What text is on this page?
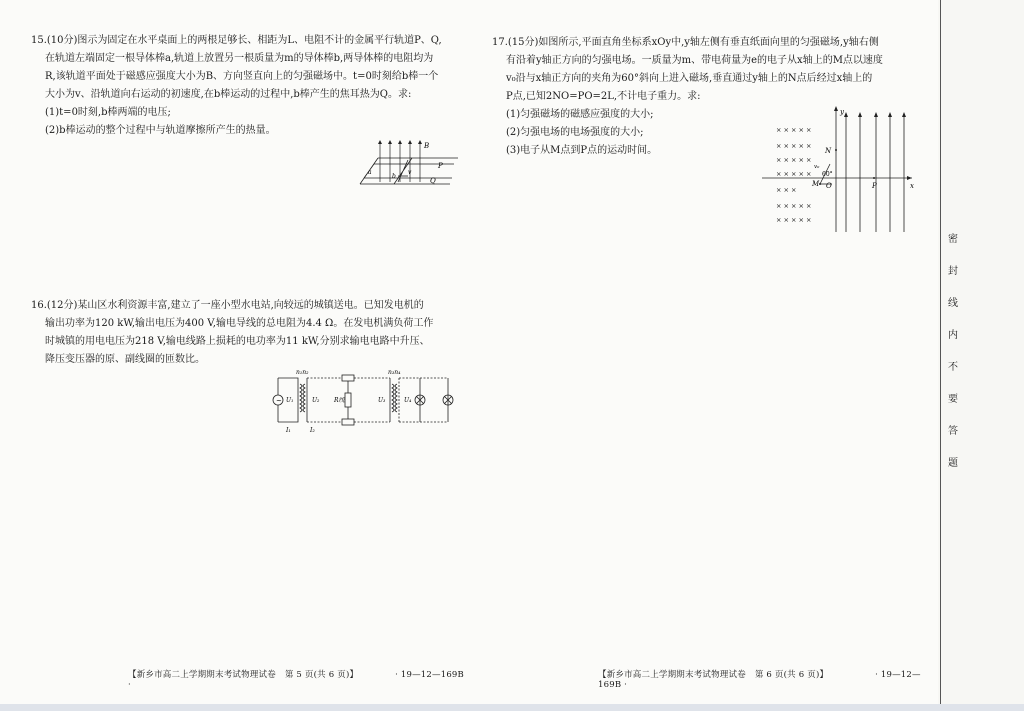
15.(10分)图示为固定在水平桌面上的两根足够长、相距为L、电阻不计的金属平行轨道P、Q,

在轨道左端固定一根导体棒a,轨道上放置另一根质量为m的导体棒b,两导体棒的电阻均为

R,该轨道平面处于磁感应强度大小为B、方向竖直向上的匀强磁场中。t=0时刻给b棒一个

大小为v、沿轨道向右运动的初速度,在b棒运动的过程中,b棒产生的焦耳热为Q。求:

(1)t=0时刻,b棒两端的电压;

(2)b棒运动的整个过程中与轨道摩擦所产生的热量。

B
P
Q
a
b
v

16.(12分)某山区水利资源丰富,建立了一座小型水电站,向较远的城镇送电。已知发电机的

输出功率为120 kW,输出电压为400 V,输电导线的总电阻为4.4 Ω。在发电机满负荷工作

时城镇的用电电压为218 V,输电线路上损耗的电功率为11 kW,分别求输电电路中升压、

降压变压器的原、副线圈的匝数比。

~
n₁n₂	n₃n₄
U₁	U₂ R线	U₃	U₄
I₁	I₂
【新乡市高二上学期期末考试物理试卷 第 5 页(共 6 页)】	· 19—12—169B ·

17.(15分)如图所示,平面直角坐标系xOy中,y轴左侧有垂直纸面向里的匀强磁场,y轴右侧

有沿着y轴正方向的匀强电场。一质量为m、带电荷量为e的电子从x轴上的M点以速度

v₀沿与x轴正方向的夹角为60°斜向上进入磁场,垂直通过y轴上的N点后经过x轴上的

P点,已知2NO=PO=2L,不计电子重力。求:

(1)匀强磁场的磁感应强度的大小;

(2)匀强电场的电场强度的大小;

(3)电子从M点到P点的运动时间。

× × × × ×
× × × × ×
× × × × ×
× × × × ×
× × ×
× × × × ×
× × × × ×
y
x
N
O
M	P
60°
v₀
【新乡市高二上学期期末考试物理试卷 第 6 页(共 6 页)】	· 19—12—169B ·
密
封
线
内
不
要
答
题
